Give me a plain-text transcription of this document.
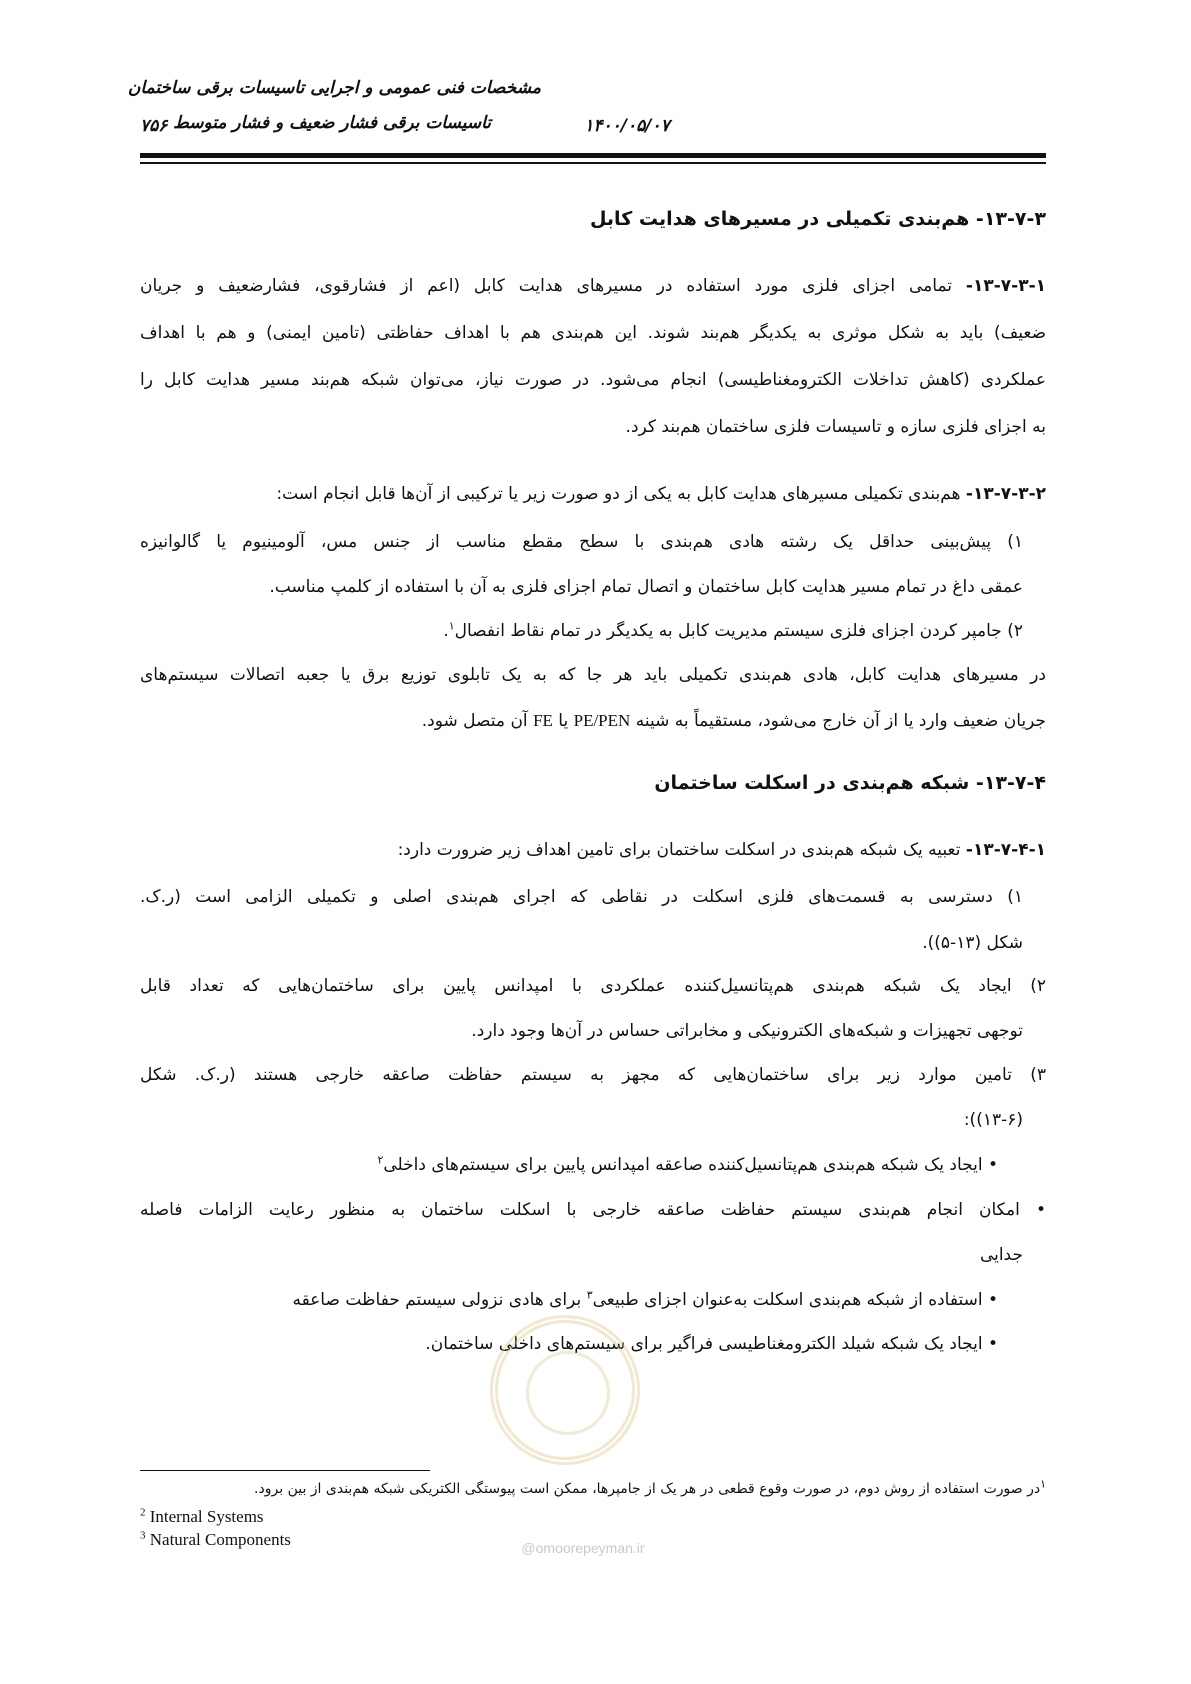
مشخصات فنی عمومی و اجرایی تاسیسات برقی ساختمان
تاسیسات برقی فشار ضعیف و فشار متوسط	۱۴۰۰/۰۵/۰۷
۷۵۶
۱۳-۷-۳- هم‌بندی تکمیلی در مسیرهای هدایت کابل
۱۳-۷-۳-۱- تمامی اجزای فلزی مورد استفاده در مسیرهای هدایت کابل (اعم از فشارقوی، فشارضعیف و جریان
ضعیف) باید به شکل موثری به یکدیگر هم‌بند شوند. این هم‌بندی هم با اهداف حفاظتی (تامین ایمنی) و هم با اهداف
عملکردی (کاهش تداخلات الکترومغناطیسی) انجام می‌شود. در صورت نیاز، می‌توان شبکه هم‌بند مسیر هدایت کابل را
به اجزای فلزی سازه و تاسیسات فلزی ساختمان هم‌بند کرد.
۱۳-۷-۳-۲- هم‌بندی تکمیلی مسیرهای هدایت کابل به یکی از دو صورت زیر یا ترکیبی از آن‌ها قابل انجام است:
۱) پیش‌بینی حداقل یک رشته هادی هم‌بندی با سطح مقطع مناسب از جنس مس، آلومینیوم یا گالوانیزه
عمقی داغ در تمام مسیر هدایت کابل ساختمان و اتصال تمام اجزای فلزی به آن با استفاده از کلمپ مناسب.
۲) جامپر کردن اجزای فلزی سیستم مدیریت کابل به یکدیگر در تمام نقاط انفصال$^۱$.
در مسیرهای هدایت کابل، هادی هم‌بندی تکمیلی باید هر جا که به یک تابلوی توزیع برق یا جعبه اتصالات سیستم‌های
جریان ضعیف وارد یا از آن خارج می‌شود، مستقیماً به شینه PE/PEN یا FE آن متصل شود.
۱۳-۷-۴- شبکه هم‌بندی در اسکلت ساختمان
۱۳-۷-۴-۱- تعبیه یک شبکه هم‌بندی در اسکلت ساختمان برای تامین اهداف زیر ضرورت دارد:
۱) دسترسی به قسمت‌های فلزی اسکلت در نقاطی که اجرای هم‌بندی اصلی و تکمیلی الزامی است (ر.ک.
شکل (۱۳-۵)).
۲) ایجاد یک شبکه هم‌بندی هم‌پتانسیل‌کننده عملکردی با امپدانس پایین برای ساختمان‌هایی که تعداد قابل
توجهی تجهیزات و شبکه‌های الکترونیکی و مخابراتی حساس در آن‌ها وجود دارد.
۳) تامین موارد زیر برای ساختمان‌هایی که مجهز به سیستم حفاظت صاعقه خارجی هستند (ر.ک. شکل
(۱۳-۶)):
• ایجاد یک شبکه هم‌بندی هم‌پتانسیل‌کننده صاعقه امپدانس پایین برای سیستم‌های داخلی$^۲$
• امکان انجام هم‌بندی سیستم حفاظت صاعقه خارجی با اسکلت ساختمان به منظور رعایت الزامات فاصله
جدایی
• استفاده از شبکه هم‌بندی اسکلت به‌عنوان اجزای طبیعی$^۳$ برای هادی نزولی سیستم حفاظت صاعقه
• ایجاد یک شبکه شیلد الکترومغناطیسی فراگیر برای سیستم‌های داخلی ساختمان.
$^۱$در صورت استفاده از روش دوم، در صورت وقوع قطعی در هر یک از جامپرها، ممکن است پیوستگی الکتریکی شبکه هم‌بندی از بین برود.
$^2$ Internal Systems
$^3$ Natural Components	@omoorepeyman.ir
